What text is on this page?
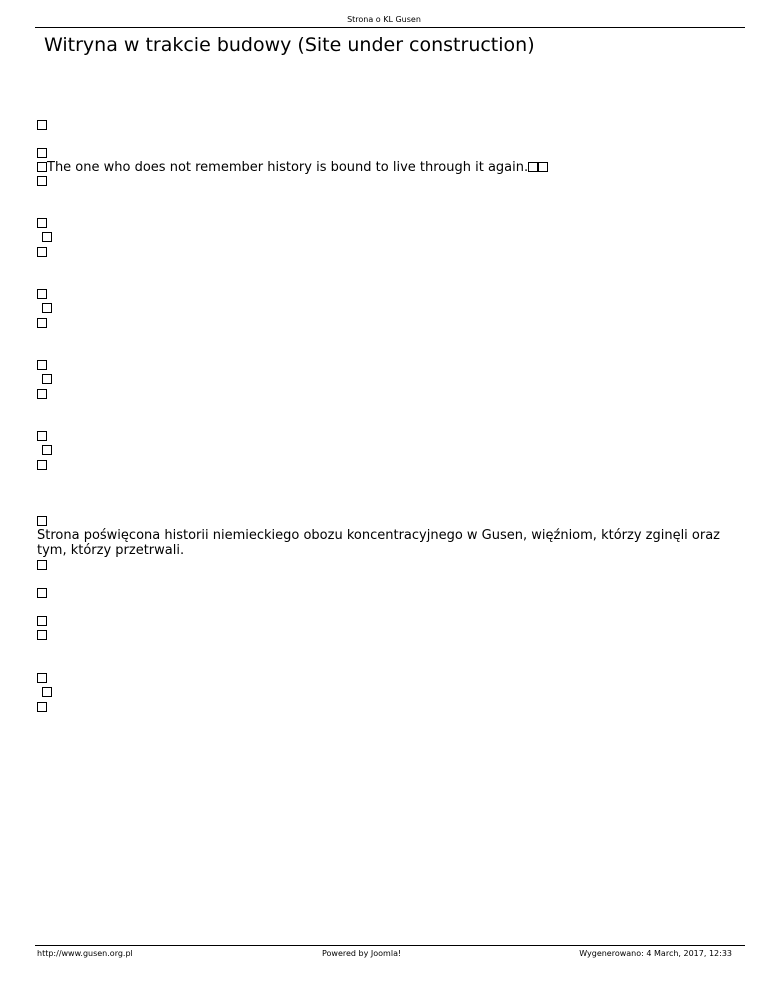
Strona o KL Gusen
Witryna w trakcie budowy (Site under construction)
The one who does not remember history is bound to live through it again.
Strona poświęcona historii niemieckiego obozu koncentracyjnego w Gusen, więźniom, którzy zginęli oraz tym, którzy przetrwali.
http://www.gusen.org.pl	Powered by Joomla!	Wygenerowano: 4 March, 2017, 12:33
